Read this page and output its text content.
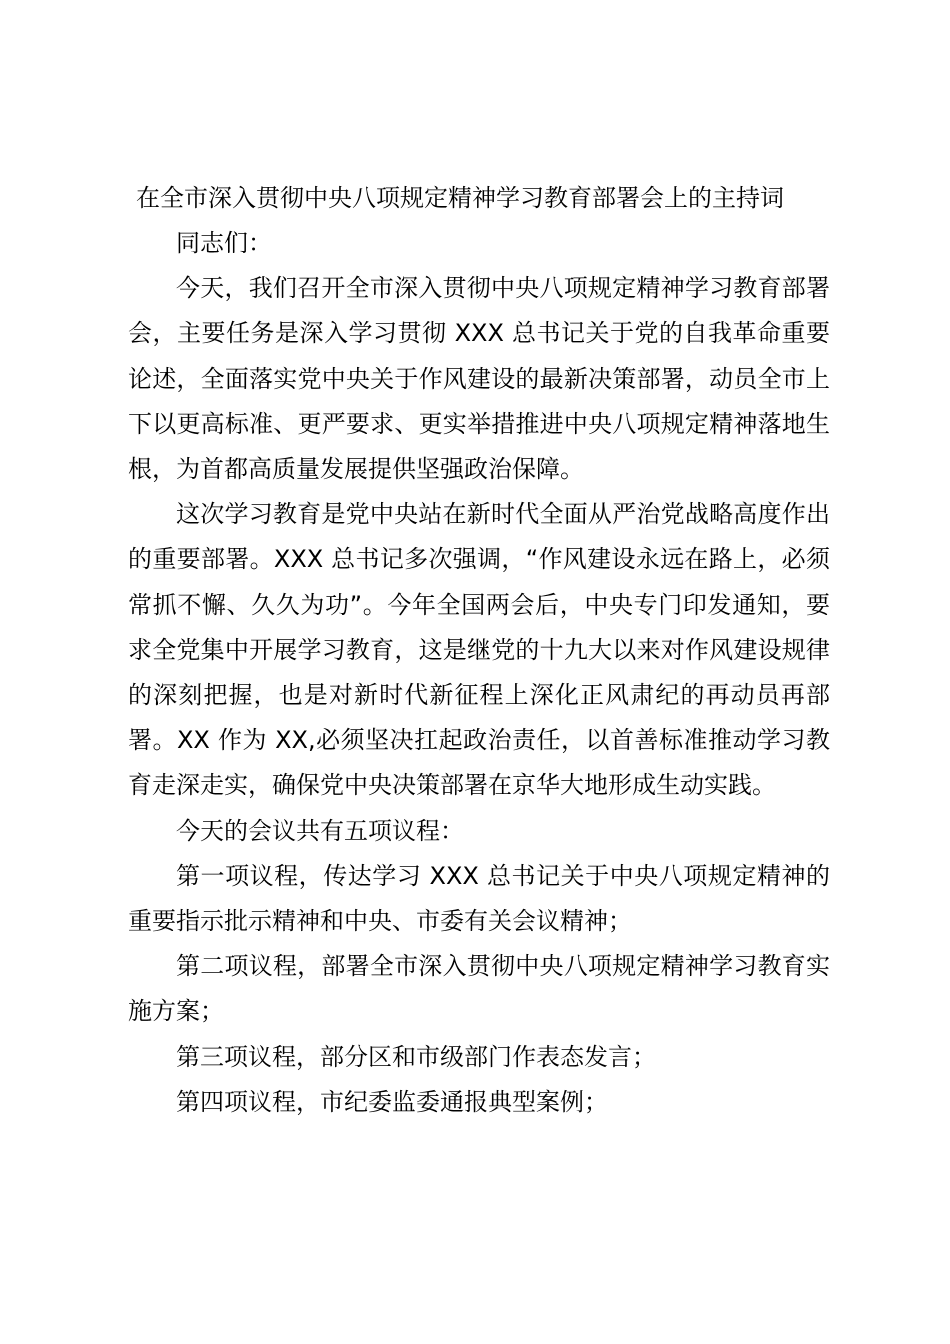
在全市深入贯彻中央八项规定精神学习教育部署会上的主持词

同志们：

今天，我们召开全市深入贯彻中央八项规定精神学习教育部署会，主要任务是深入学习贯彻 XXX 总书记关于党的自我革命重要论述，全面落实党中央关于作风建设的最新决策部署，动员全市上下以更高标准、更严要求、更实举措推进中央八项规定精神落地生根，为首都高质量发展提供坚强政治保障。

这次学习教育是党中央站在新时代全面从严治党战略高度作出的重要部署。XXX 总书记多次强调，“作风建设永远在路上，必须常抓不懈、久久为功”。今年全国两会后，中央专门印发通知，要求全党集中开展学习教育，这是继党的十九大以来对作风建设规律的深刻把握，也是对新时代新征程上深化正风肃纪的再动员再部署。XX 作为 XX,必须坚决扛起政治责任，以首善标准推动学习教育走深走实，确保党中央决策部署在京华大地形成生动实践。

今天的会议共有五项议程：

第一项议程，传达学习 XXX 总书记关于中央八项规定精神的重要指示批示精神和中央、市委有关会议精神；

第二项议程，部署全市深入贯彻中央八项规定精神学习教育实施方案；

第三项议程，部分区和市级部门作表态发言；

第四项议程，市纪委监委通报典型案例；
